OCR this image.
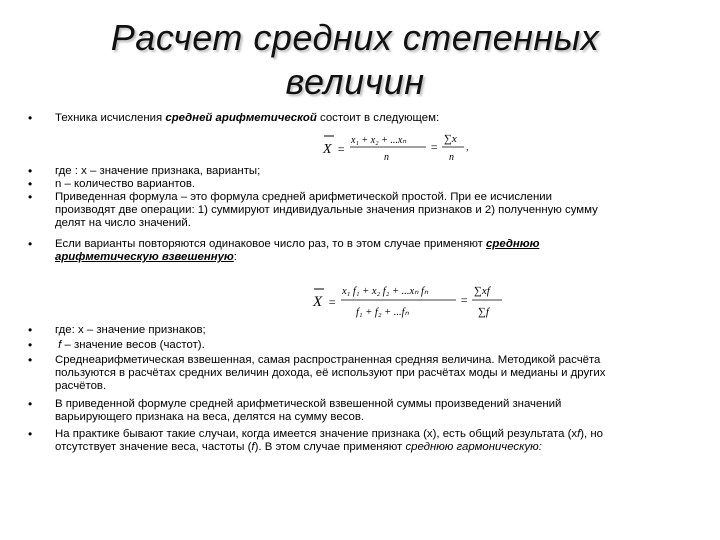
Расчет средних степенных величин
• Техника исчисления средней арифметической состоит в следующем:

X =
x₁ + x₂ + ...xₙ
n
=
∑x
n
,
• где : x – значение признака, варианты;

• n – количество вариантов.

• Приведенная формула – это формула средней арифметической простой. При ее исчислении производят две операции: 1) суммируют индивидуальные значения признаков и 2) полученную сумму делят на число значений.

• Если варианты повторяются одинаковое число раз, то в этом случае применяют среднюю арифметическую взвешенную:

X =
x₁ f₁ + x₂ f₂ + ...xₙ fₙ
f₁ + f₂ + ...fₙ
=
∑xf
∑f
• где: x – значение признаков;

• f – значение весов (частот).

• Среднеарифметическая взвешенная, самая распространенная средняя величина. Методикой расчёта пользуются в расчётах средних величин дохода, её используют при расчётах моды и медианы и других расчётов.

• В приведенной формуле средней арифметической взвешенной суммы произведений значений варьирующего признака на веса, делятся на сумму весов.

• На практике бывают такие случаи, когда имеется значение признака (x), есть общий результата (xf), но отсутствует значение веса, частоты (f). В этом случае применяют среднюю гармоническую:
